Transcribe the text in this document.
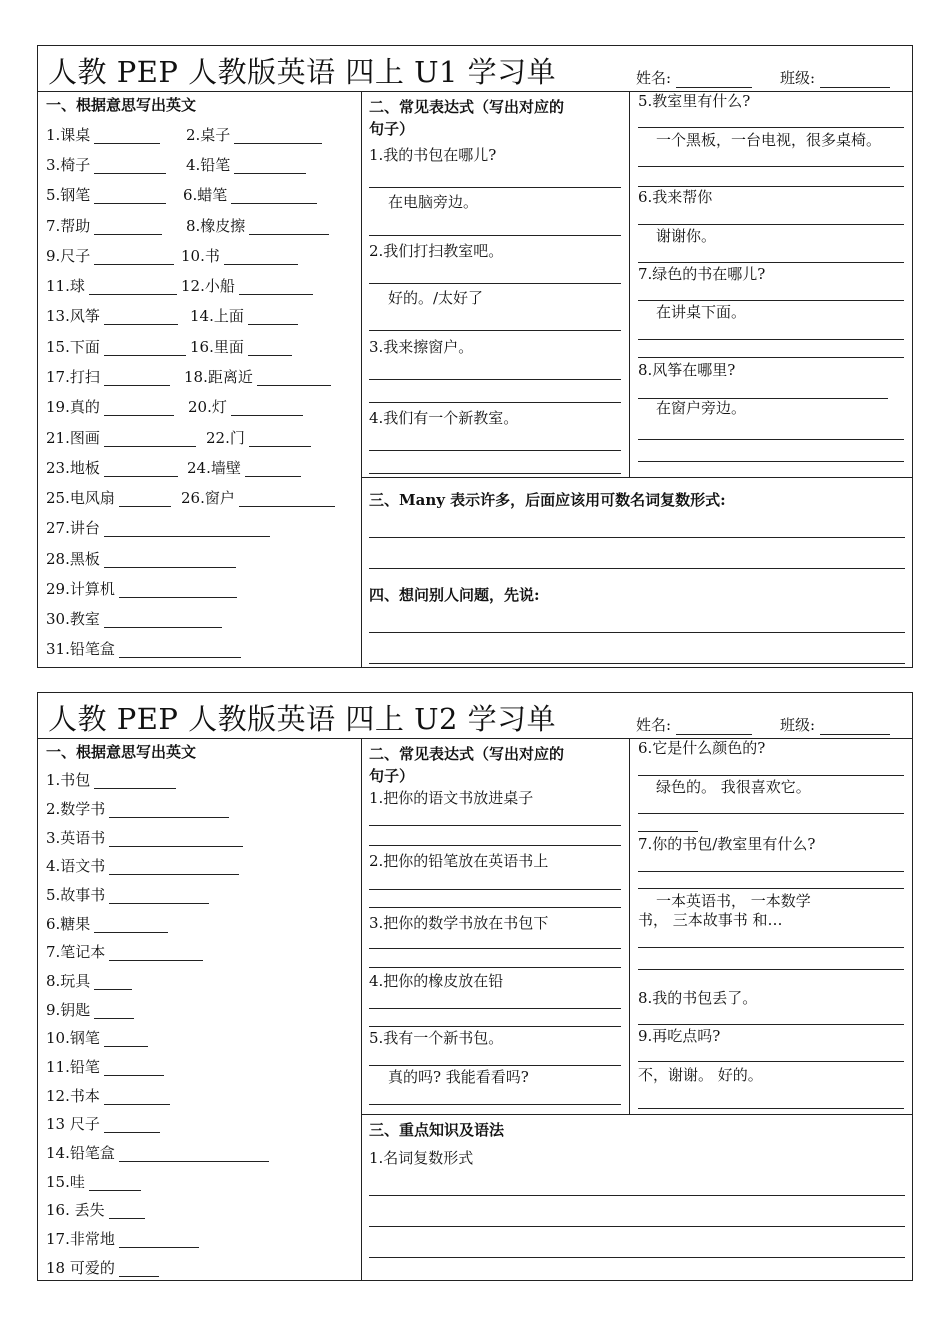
人教 PEP 人教版英语 四上 U1 学习单	姓名:	班级:
一、根据意思写出英文
1.课桌	2.桌子
3.椅子	4.铅笔
5.钢笔	6.蜡笔
7.帮助	8.橡皮擦
9.尺子	10.书
11.球	12.小船
13.风筝	14.上面
15.下面	16.里面
17.打扫	18.距离近
19.真的	20.灯
21.图画	22.门
23.地板	24.墙壁
25.电风扇	26.窗户
27.讲台
28.黑板
29.计算机
30.教室
31.铅笔盒
二、常见表达式（写出对应的
句子）
1.我的书包在哪儿?
在电脑旁边。
2.我们打扫教室吧。
好的。/太好了
3.我来擦窗户。
4.我们有一个新教室。
5.教室里有什么?
一个黑板，一台电视，很多桌椅。
6.我来帮你
谢谢你。
7.绿色的书在哪儿?
在讲桌下面。
8.风筝在哪里?
在窗户旁边。
三、Many 表示许多，后面应该用可数名词复数形式:
四、想问别人问题，先说:
人教 PEP 人教版英语 四上 U2 学习单	姓名:	班级:
一、根据意思写出英文
1.书包
2.数学书
3.英语书
4.语文书
5.故事书
6.糖果
7.笔记本
8.玩具
9.钥匙
10.钢笔
11.铅笔
12.书本
13 尺子
14.铅笔盒
15.哇
16. 丢失
17.非常地
18 可爱的
二、常见表达式（写出对应的
句子）
1.把你的语文书放进桌子
2.把你的铅笔放在英语书上
3.把你的数学书放在书包下
4.把你的橡皮放在铅
5.我有一个新书包。
真的吗? 我能看看吗?
6.它是什么颜色的?
绿色的。 我很喜欢它。
7.你的书包/教室里有什么?
一本英语书， 一本数学
书， 三本故事书 和…
8.我的书包丢了。
9.再吃点吗?
不，谢谢。 好的。
三、重点知识及语法
1.名词复数形式
